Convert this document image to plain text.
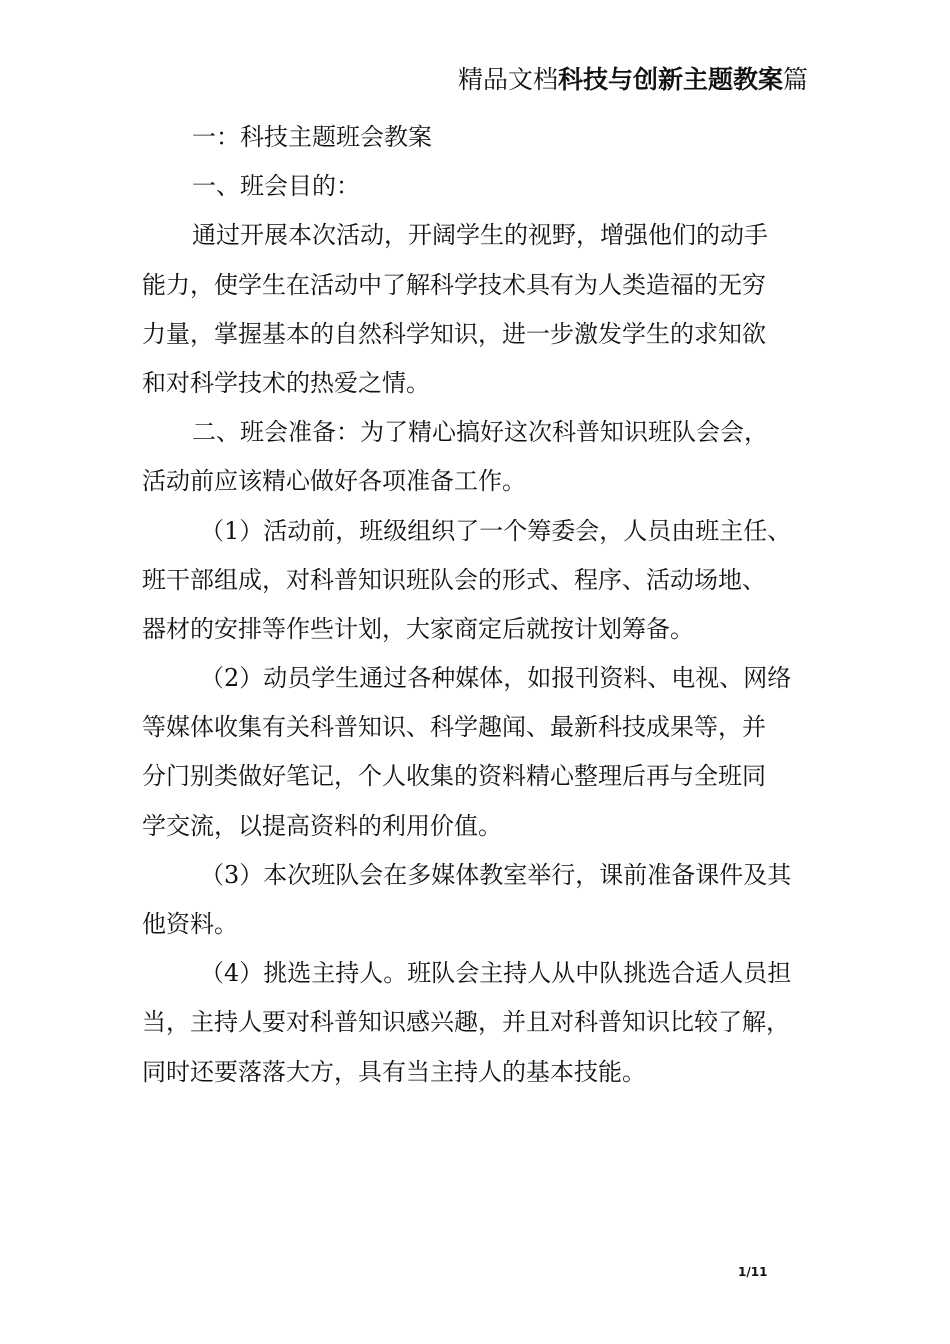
精品文档科技与创新主题教案篇
一：科技主题班会教案
一、班会目的：
通过开展本次活动，开阔学生的视野，增强他们的动手
能力，使学生在活动中了解科学技术具有为人类造福的无穷
力量，掌握基本的自然科学知识，进一步激发学生的求知欲
和对科学技术的热爱之情。
二、班会准备：为了精心搞好这次科普知识班队会会，
活动前应该精心做好各项准备工作。
（1）活动前，班级组织了一个筹委会，人员由班主任、
班干部组成，对科普知识班队会的形式、程序、活动场地、
器材的安排等作些计划，大家商定后就按计划筹备。
（2）动员学生通过各种媒体，如报刊资料、电视、网络
等媒体收集有关科普知识、科学趣闻、最新科技成果等，并
分门别类做好笔记，个人收集的资料精心整理后再与全班同
学交流，以提高资料的利用价值。
（3）本次班队会在多媒体教室举行，课前准备课件及其
他资料。
（4）挑选主持人。班队会主持人从中队挑选合适人员担
当，主持人要对科普知识感兴趣，并且对科普知识比较了解，
同时还要落落大方，具有当主持人的基本技能。
1/11
